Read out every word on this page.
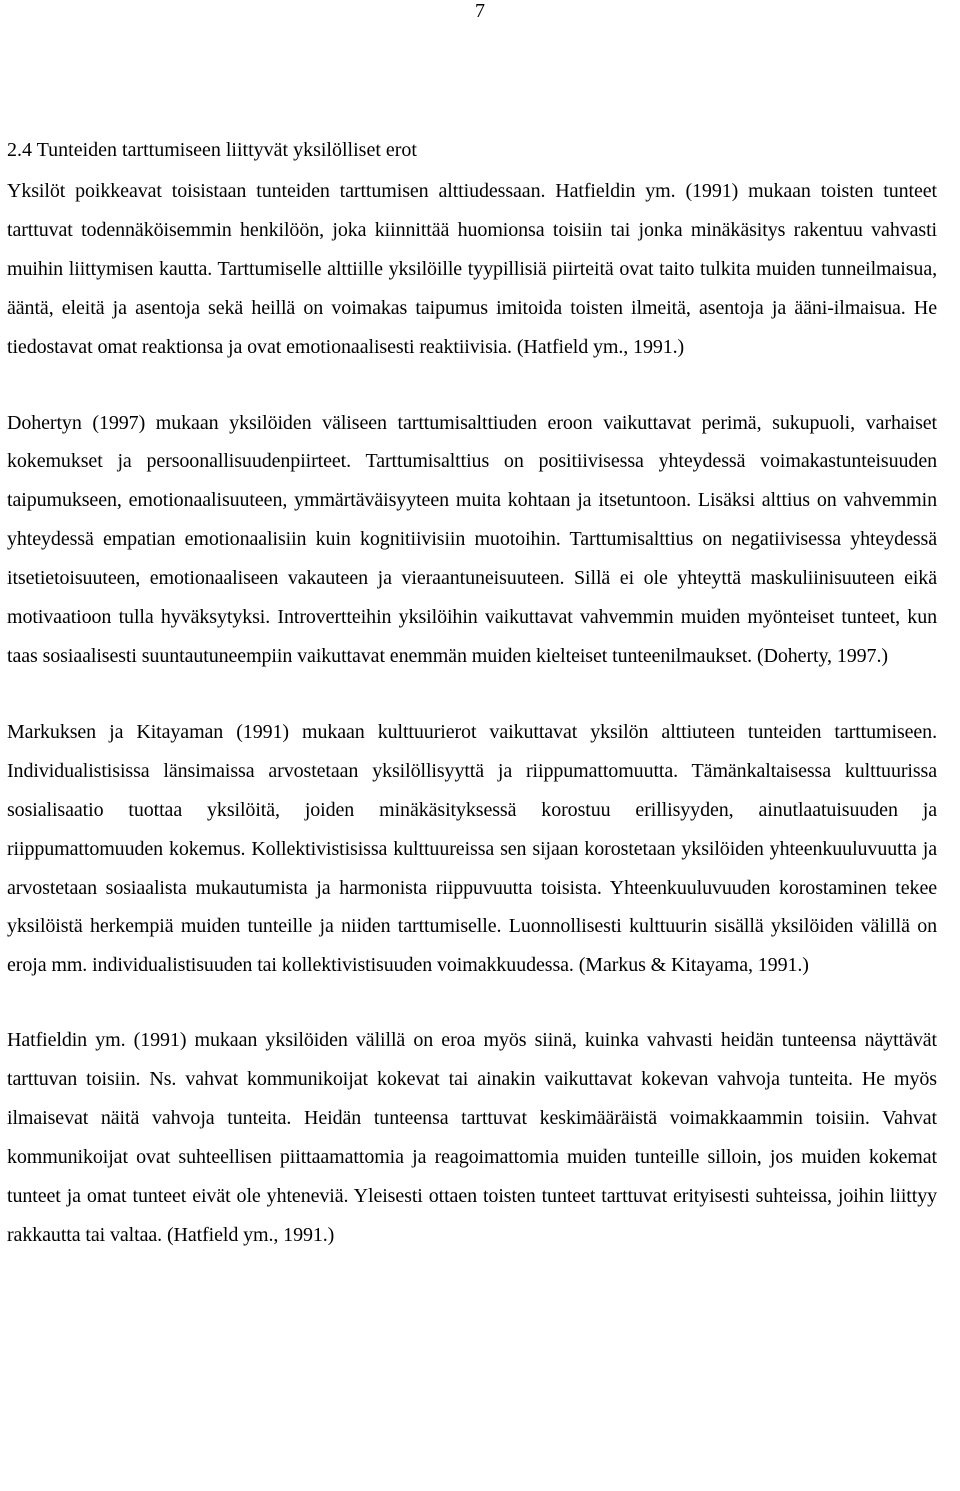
7
2.4 Tunteiden tarttumiseen liittyvät yksilölliset erot

Yksilöt poikkeavat toisistaan tunteiden tarttumisen alttiudessaan. Hatfieldin ym. (1991) mukaan toisten tunteet tarttuvat todennäköisemmin henkilöön, joka kiinnittää huomionsa toisiin tai jonka minäkäsitys rakentuu vahvasti muihin liittymisen kautta. Tarttumiselle alttiille yksilöille tyypillisiä piirteitä ovat taito tulkita muiden tunneilmaisua, ääntä, eleitä ja asentoja sekä heillä on voimakas taipumus imitoida toisten ilmeitä, asentoja ja ääni-ilmaisua. He tiedostavat omat reaktionsa ja ovat emotionaalisesti reaktiivisia. (Hatfield ym., 1991.)

Dohertyn (1997) mukaan yksilöiden väliseen tarttumisalttiuden eroon vaikuttavat perimä, sukupuoli, varhaiset kokemukset ja persoonallisuudenpiirteet. Tarttumisalttius on positiivisessa yhteydessä voimakastunteisuuden taipumukseen, emotionaalisuuteen, ymmärtäväisyyteen muita kohtaan ja itsetuntoon. Lisäksi alttius on vahvemmin yhteydessä empatian emotionaalisiin kuin kognitiivisiin muotoihin. Tarttumisalttius on negatiivisessa yhteydessä itsetietoisuuteen, emotionaaliseen vakauteen ja vieraantuneisuuteen. Sillä ei ole yhteyttä maskuliinisuuteen eikä motivaatioon tulla hyväksytyksi. Introvertteihin yksilöihin vaikuttavat vahvemmin muiden myönteiset tunteet, kun taas sosiaalisesti suuntautuneempiin vaikuttavat enemmän muiden kielteiset tunteenilmaukset. (Doherty, 1997.)

Markuksen ja Kitayaman (1991) mukaan kulttuurierot vaikuttavat yksilön alttiuteen tunteiden tarttumiseen. Individualistisissa länsimaissa arvostetaan yksilöllisyyttä ja riippumattomuutta. Tämänkaltaisessa kulttuurissa sosialisaatio tuottaa yksilöitä, joiden minäkäsityksessä korostuu erillisyyden, ainutlaatuisuuden ja riippumattomuuden kokemus. Kollektivistisissa kulttuureissa sen sijaan korostetaan yksilöiden yhteenkuuluvuutta ja arvostetaan sosiaalista mukautumista ja harmonista riippuvuutta toisista. Yhteenkuuluvuuden korostaminen tekee yksilöistä herkempiä muiden tunteille ja niiden tarttumiselle. Luonnollisesti kulttuurin sisällä yksilöiden välillä on eroja mm. individualistisuuden tai kollektivistisuuden voimakkuudessa. (Markus & Kitayama, 1991.)

Hatfieldin ym. (1991) mukaan yksilöiden välillä on eroa myös siinä, kuinka vahvasti heidän tunteensa näyttävät tarttuvan toisiin. Ns. vahvat kommunikoijat kokevat tai ainakin vaikuttavat kokevan vahvoja tunteita. He myös ilmaisevat näitä vahvoja tunteita. Heidän tunteensa tarttuvat keskimääräistä voimakkaammin toisiin. Vahvat kommunikoijat ovat suhteellisen piittaamattomia ja reagoimattomia muiden tunteille silloin, jos muiden kokemat tunteet ja omat tunteet eivät ole yhteneviä. Yleisesti ottaen toisten tunteet tarttuvat erityisesti suhteissa, joihin liittyy rakkautta tai valtaa. (Hatfield ym., 1991.)
